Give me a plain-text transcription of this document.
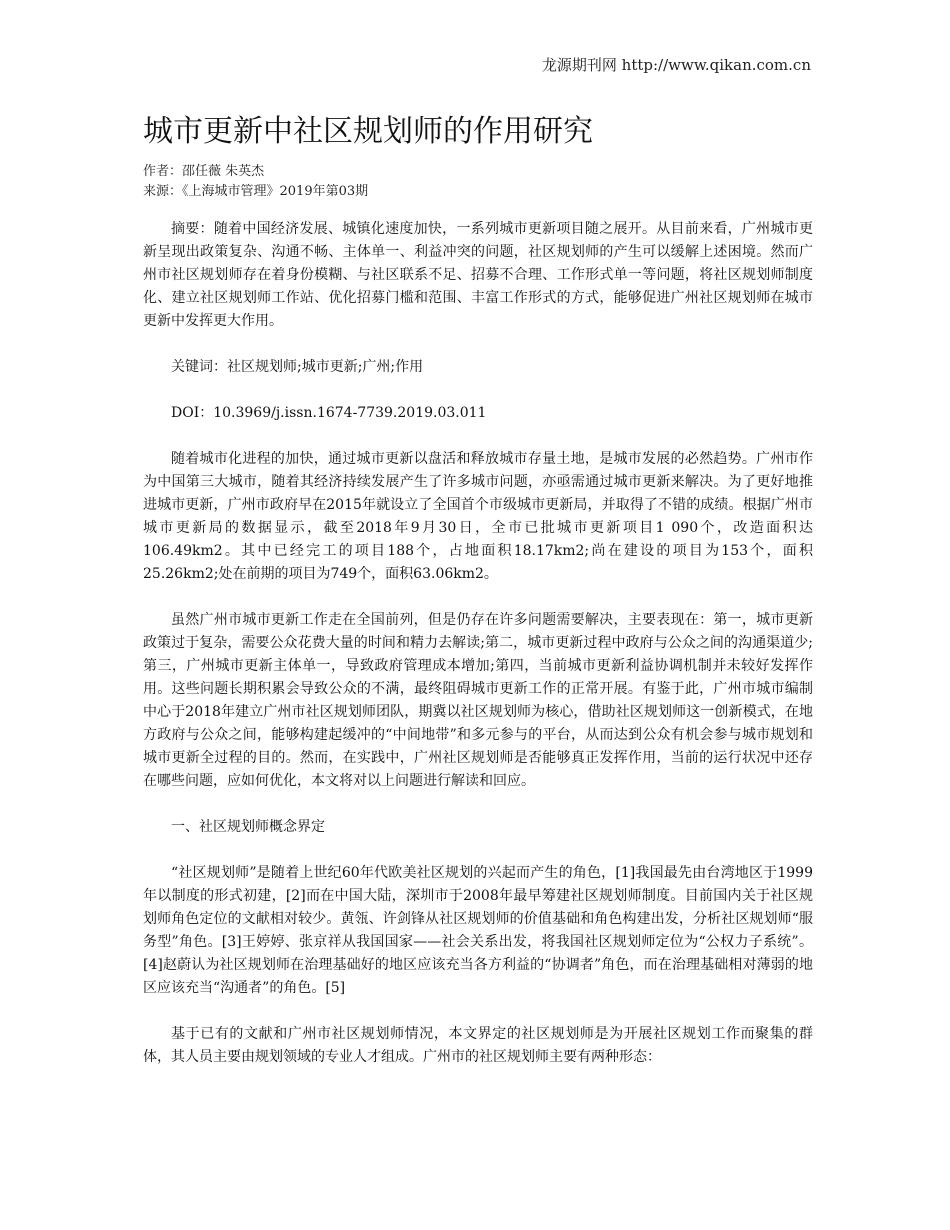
龙源期刊网 http://www.qikan.com.cn
城市更新中社区规划师的作用研究

作者：邵任薇 朱英杰

来源：《上海城市管理》2019年第03期

摘要：随着中国经济发展、城镇化速度加快，一系列城市更新项目随之展开。从目前来看，广州城市更新呈现出政策复杂、沟通不畅、主体单一、利益冲突的问题，社区规划师的产生可以缓解上述困境。然而广州市社区规划师存在着身份模糊、与社区联系不足、招募不合理、工作形式单一等问题，将社区规划师制度化、建立社区规划师工作站、优化招募门槛和范围、丰富工作形式的方式，能够促进广州社区规划师在城市更新中发挥更大作用。

关键词：社区规划师;城市更新;广州;作用

DOI：10.3969/j.issn.1674-7739.2019.03.011

随着城市化进程的加快，通过城市更新以盘活和释放城市存量土地，是城市发展的必然趋势。广州市作为中国第三大城市，随着其经济持续发展产生了许多城市问题，亦亟需通过城市更新来解决。为了更好地推进城市更新，广州市政府早在2015年就设立了全国首个市级城市更新局，并取得了不错的成绩。根据广州市城市更新局的数据显示，截至2018年9月30日，全市已批城市更新项目1 090个，改造面积达106.49km2。其中已经完工的项目188个，占地面积18.17km2;尚在建设的项目为153个，面积25.26km2;处在前期的项目为749个，面积63.06km2。

虽然广州市城市更新工作走在全国前列，但是仍存在许多问题需要解决，主要表现在：第一，城市更新政策过于复杂，需要公众花费大量的时间和精力去解读;第二，城市更新过程中政府与公众之间的沟通渠道少;第三，广州城市更新主体单一，导致政府管理成本增加;第四，当前城市更新利益协调机制并未较好发挥作用。这些问题长期积累会导致公众的不满，最终阻碍城市更新工作的正常开展。有鉴于此，广州市城市编制中心于2018年建立广州市社区规划师团队，期冀以社区规划师为核心，借助社区规划师这一创新模式，在地方政府与公众之间，能够构建起缓冲的“中间地带”和多元参与的平台，从而达到公众有机会参与城市规划和城市更新全过程的目的。然而，在实践中，广州社区规划师是否能够真正发挥作用，当前的运行状况中还存在哪些问题，应如何优化，本文将对以上问题进行解读和回应。

一、社区规划师概念界定

“社区规划师”是随着上世纪60年代欧美社区规划的兴起而产生的角色，[1]我国最先由台湾地区于1999年以制度的形式初建，[2]而在中国大陆，深圳市于2008年最早筹建社区规划师制度。目前国内关于社区规划师角色定位的文献相对较少。黄瓴、许剑锋从社区规划师的价值基础和角色构建出发，分析社区规划师“服务型”角色。[3]王婷婷、张京祥从我国国家——社会关系出发，将我国社区规划师定位为“公权力子系统”。[4]赵蔚认为社区规划师在治理基础好的地区应该充当各方利益的“协调者”角色，而在治理基础相对薄弱的地区应该充当“沟通者”的角色。[5]

基于已有的文献和广州市社区规划师情况，本文界定的社区规划师是为开展社区规划工作而聚集的群体，其人员主要由规划领域的专业人才组成。广州市的社区规划师主要有两种形态：
